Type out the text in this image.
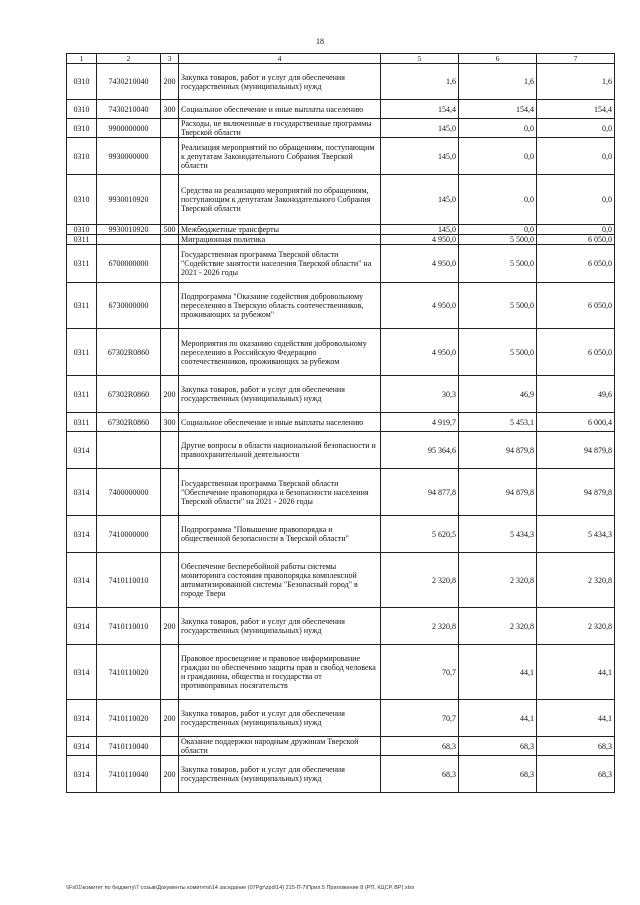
18
1	2	3	4	5	6	7
0310	7430210040	200	Закупка товаров, работ и услуг для обеспечения государственных (муниципальных) нужд	1,6	1,6	1,6
0310	7430210040	300	Социальное обеспечение и иные выплаты населению	154,4	154,4	154,4
0310	9900000000		Расходы, не включенные в государственные программы Тверской области	145,0	0,0	0,0
0310	9930000000		Реализация мероприятий по обращениям, поступающим к депутатам Законодательного Собрания Тверской области	145,0	0,0	0,0
0310	9930010920		Средства на реализацию мероприятий по обращениям, поступающим к депутатам Законодательного Собрания Тверской области	145,0	0,0	0,0
0310	9930010920	500	Межбюджетные трансферты	145,0	0,0	0,0
0311			Миграционная политика	4 950,0	5 500,0	6 050,0
0311	6700000000		Государственная программа Тверской области "Содействие занятости населения Тверской области" на 2021 - 2026 годы	4 950,0	5 500,0	6 050,0
0311	6730000000		Подпрограмма "Оказание содействия добровольному переселению в Тверскую область соотечественников, проживающих за рубежом"	4 950,0	5 500,0	6 050,0
0311	67302R0860		Мероприятия по оказанию содействия добровольному переселению в Российскую Федерацию соотечественников, проживающих за рубежом	4 950,0	5 500,0	6 050,0
0311	67302R0860	200	Закупка товаров, работ и услуг для обеспечения государственных (муниципальных) нужд	30,3	46,9	49,6
0311	67302R0860	300	Социальное обеспечение и иные выплаты населению	4 919,7	5 453,1	6 000,4
0314			Другие вопросы в области национальной безопасности и правоохранительной деятельности	95 364,6	94 879,8	94 879,8
0314	7400000000		Государственная программа Тверской области "Обеспечение правопорядка и безопасности населения Тверской области" на 2021 - 2026 годы	94 877,8	94 879,8	94 879,8
0314	7410000000		Подпрограмма "Повышение правопорядка и общественной безопасности в Тверской области"	5 620,5	5 434,3	5 434,3
0314	7410110010		Обеспечение бесперебойной работы системы мониторинга состояния правопорядка комплексной автоматизированной системы "Безопасный город" в городе Твери	2 320,8	2 320,8	2 320,8
0314	7410110010	200	Закупка товаров, работ и услуг для обеспечения государственных (муниципальных) нужд	2 320,8	2 320,8	2 320,8
0314	7410110020		Правовое просвещение и правовое информирование граждан по обеспечению защиты прав и свобод человека и гражданина, общества и государства от противоправных посягательств	70,7	44,1	44,1
0314	7410110020	200	Закупка товаров, работ и услуг для обеспечения государственных (муниципальных) нужд	70,7	44,1	44,1
0314	7410110040		Оказание поддержки народным дружинам Тверской области	68,3	68,3	68,3
0314	7410110040	200	Закупка товаров, работ и услуг для обеспечения государственных (муниципальных) нужд	68,3	68,3	68,3
\\Fs01\комитет по бюджету\7 созыв\Документы комитета\14 заседание (07Pgr\zpd\14) 215-П-7\Прил.5 Приложение 8 (РП, КЦСР, ВР).xlsx
